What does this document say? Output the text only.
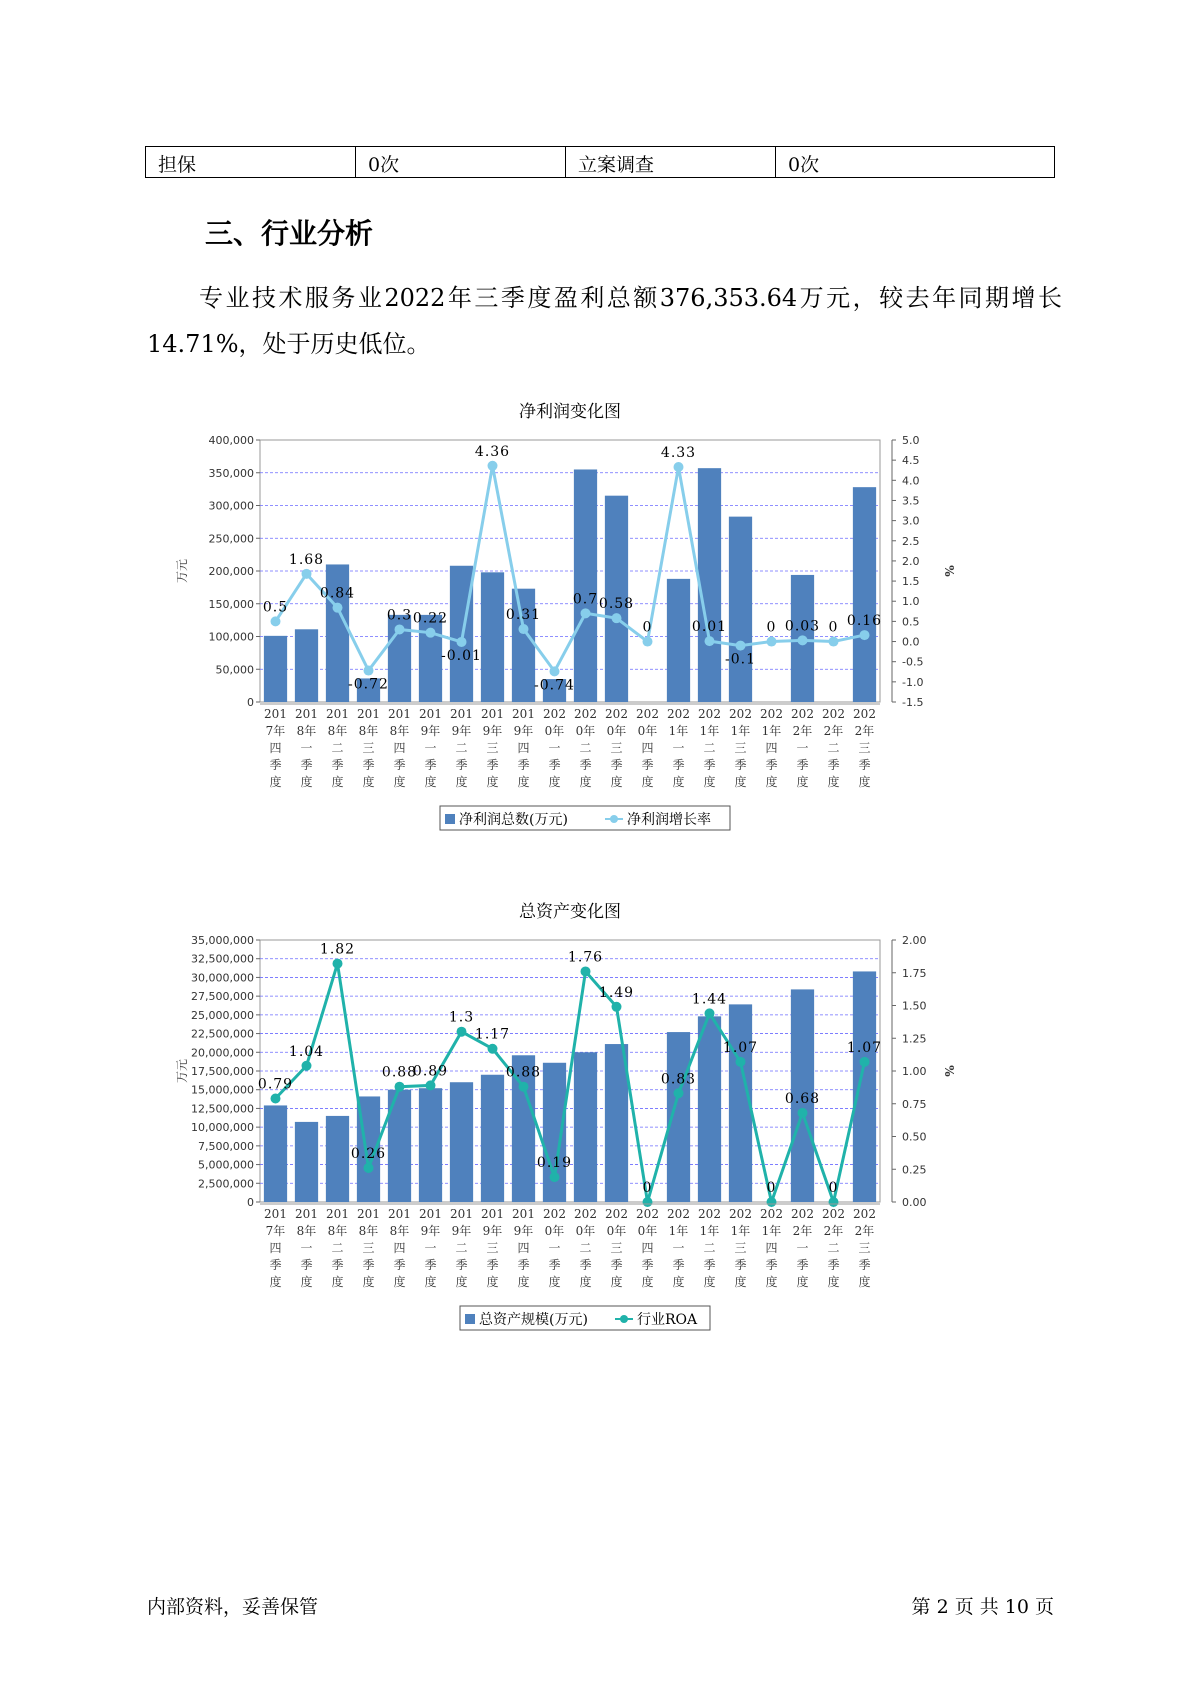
担保	0次	立案调查	0次
三、行业分析
专业技术服务业2022年三季度盈利总额376,353.64万元，较去年同期增长14.71%，处于历史低位。
净利润变化图
0
50,000
100,000
150,000
200,000
250,000
300,000
350,000
400,000
-1.5
-1.0
-0.5
0.0
0.5
1.0
1.5
2.0
2.5
3.0
3.5
4.0
4.5
5.0
万元	%
0.5
1.68
0.84
-0.72
0.3 0.22
-0.01
4.36
0.31
-0.74
0.7 0.58
0
4.33
0.01
-0.1
0 0.03 0 0.16
201 7年四季度
201 8年一季度
201 8年二季度
201 8年三季度
201 8年四季度
201 9年一季度
201 9年二季度
201 9年三季度
201 9年四季度
202 0年一季度
202 0年二季度
202 0年三季度
202 0年四季度
202 1年一季度
202 1年二季度
202 1年三季度
202 1年四季度
202 2年一季度
202 2年二季度
202 2年三季度
净利润总数(万元)	净利润增长率
总资产变化图
0
2,500,000
5,000,000
7,500,000
10,000,000
12,500,000
15,000,000
17,500,000
20,000,000
22,500,000
25,000,000
27,500,000
30,000,000
32,500,000
35,000,000
0.00
0.25
0.50
0.75
1.00
1.25
1.50
1.75
2.00
万元	%
0.79
1.04
1.82
0.26
0.88
0.89
1.3
1.17
0.88
0.19
1.76
1.49
0
0.83
1.44
1.07
0
0.68
0
1.07
201 7年四季度
201 8年一季度
201 8年二季度
201 8年三季度
201 8年四季度
201 9年一季度
201 9年二季度
201 9年三季度
201 9年四季度
202 0年一季度
202 0年二季度
202 0年三季度
202 0年四季度
202 1年一季度
202 1年二季度
202 1年三季度
202 1年四季度
202 2年一季度
202 2年二季度
202 2年三季度
总资产规模(万元)	行业ROA
内部资料，妥善保管	第 2 页 共 10 页
